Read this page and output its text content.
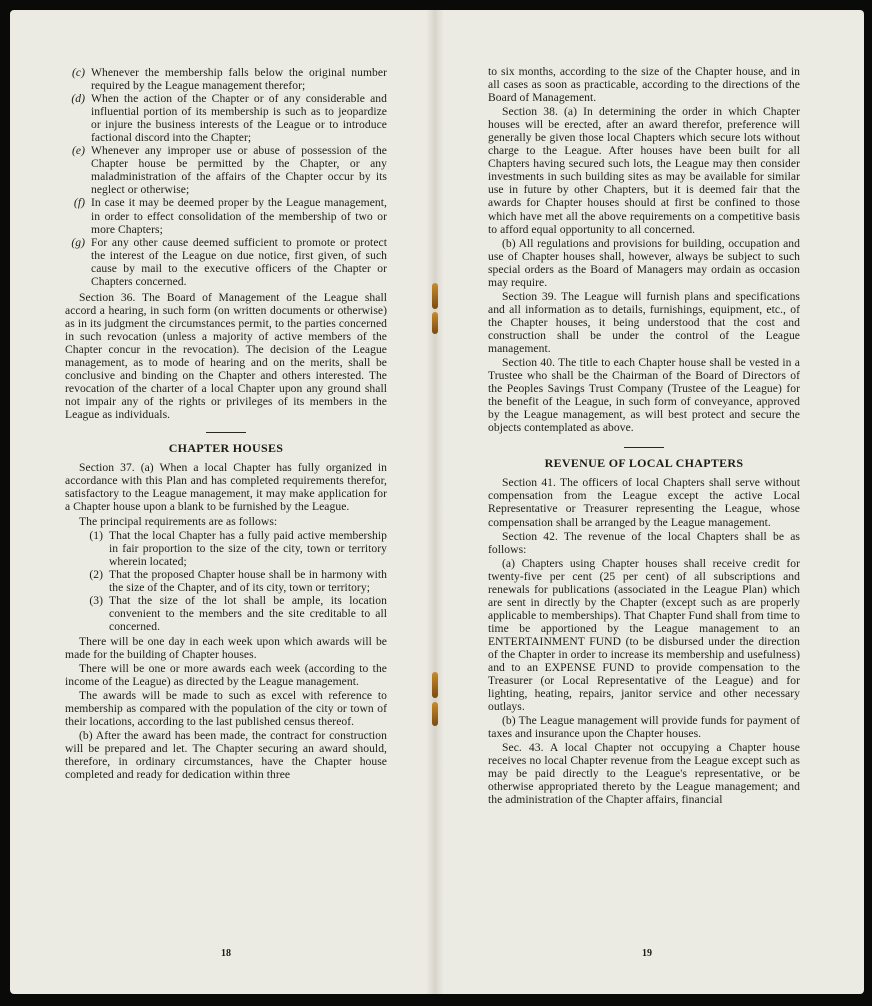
(c) Whenever the membership falls below the original number required by the League management therefor;
(d) When the action of the Chapter or of any considerable and influential portion of its membership is such as to jeopardize or injure the business interests of the League or to introduce factional discord into the Chapter;
(e) Whenever any improper use or abuse of possession of the Chapter house be permitted by the Chapter, or any maladministration of the affairs of the Chapter occur by its neglect or otherwise;
(f) In case it may be deemed proper by the League management, in order to effect consolidation of the membership of two or more Chapters;
(g) For any other cause deemed sufficient to promote or protect the interest of the League on due notice, first given, of such cause by mail to the executive officers of the Chapter or Chapters concerned.

Section 36. The Board of Management of the League shall accord a hearing, in such form (on written documents or otherwise) as in its judgment the circumstances permit, to the parties concerned in such revocation (unless a majority of active members of the Chapter concur in the revocation). The decision of the League management, as to mode of hearing and on the merits, shall be conclusive and binding on the Chapter and others interested. The revocation of the charter of a local Chapter upon any ground shall not impair any of the rights or privileges of its members in the League as individuals.

CHAPTER HOUSES

Section 37. (a) When a local Chapter has fully organized in accordance with this Plan and has completed requirements therefor, satisfactory to the League management, it may make application for a Chapter house upon a blank to be furnished by the League.

The principal requirements are as follows:

(1) That the local Chapter has a fully paid active membership in fair proportion to the size of the city, town or territory wherein located;
(2) That the proposed Chapter house shall be in harmony with the size of the Chapter, and of its city, town or territory;
(3) That the size of the lot shall be ample, its location convenient to the members and the site creditable to all concerned.

There will be one day in each week upon which awards will be made for the building of Chapter houses.

There will be one or more awards each week (according to the income of the League) as directed by the League management.

The awards will be made to such as excel with reference to membership as compared with the population of the city or town of their locations, according to the last published census thereof.

(b) After the award has been made, the contract for construction will be prepared and let. The Chapter securing an award should, therefore, in ordinary circumstances, have the Chapter house completed and ready for dedication within three

18

to six months, according to the size of the Chapter house, and in all cases as soon as practicable, according to the directions of the Board of Management.

Section 38. (a) In determining the order in which Chapter houses will be erected, after an award therefor, preference will generally be given those local Chapters which secure lots without charge to the League. After houses have been built for all Chapters having secured such lots, the League may then consider investments in such building sites as may be available for similar use in future by other Chapters, but it is deemed fair that the awards for Chapter houses should at first be confined to those which have met all the above requirements on a competitive basis to afford equal opportunity to all concerned.

(b) All regulations and provisions for building, occupation and use of Chapter houses shall, however, always be subject to such special orders as the Board of Managers may ordain as occasion may require.

Section 39. The League will furnish plans and specifications and all information as to details, furnishings, equipment, etc., of the Chapter houses, it being understood that the cost and construction shall be under the control of the League management.

Section 40. The title to each Chapter house shall be vested in a Trustee who shall be the Chairman of the Board of Directors of the Peoples Savings Trust Company (Trustee of the League) for the benefit of the League, in such form of conveyance, approved by the League management, as will best protect and secure the objects contemplated as above.

REVENUE OF LOCAL CHAPTERS

Section 41. The officers of local Chapters shall serve without compensation from the League except the active Local Representative or Treasurer representing the League, whose compensation shall be arranged by the League management.

Section 42. The revenue of the local Chapters shall be as follows:

(a) Chapters using Chapter houses shall receive credit for twenty-five per cent (25 per cent) of all subscriptions and renewals for publications (associated in the League Plan) which are sent in directly by the Chapter (except such as are properly applicable to memberships). That Chapter Fund shall from time to time be apportioned by the League management to an ENTERTAINMENT FUND (to be disbursed under the direction of the Chapter in order to increase its membership and usefulness) and to an EXPENSE FUND to provide compensation to the Treasurer (or Local Representative of the League) and for lighting, heating, repairs, janitor service and other necessary outlays.

(b) The League management will provide funds for payment of taxes and insurance upon the Chapter houses.

Sec. 43. A local Chapter not occupying a Chapter house receives no local Chapter revenue from the League except such as may be paid directly to the League's representative, or be otherwise appropriated thereto by the League management; and the administration of the Chapter affairs, financial

19
